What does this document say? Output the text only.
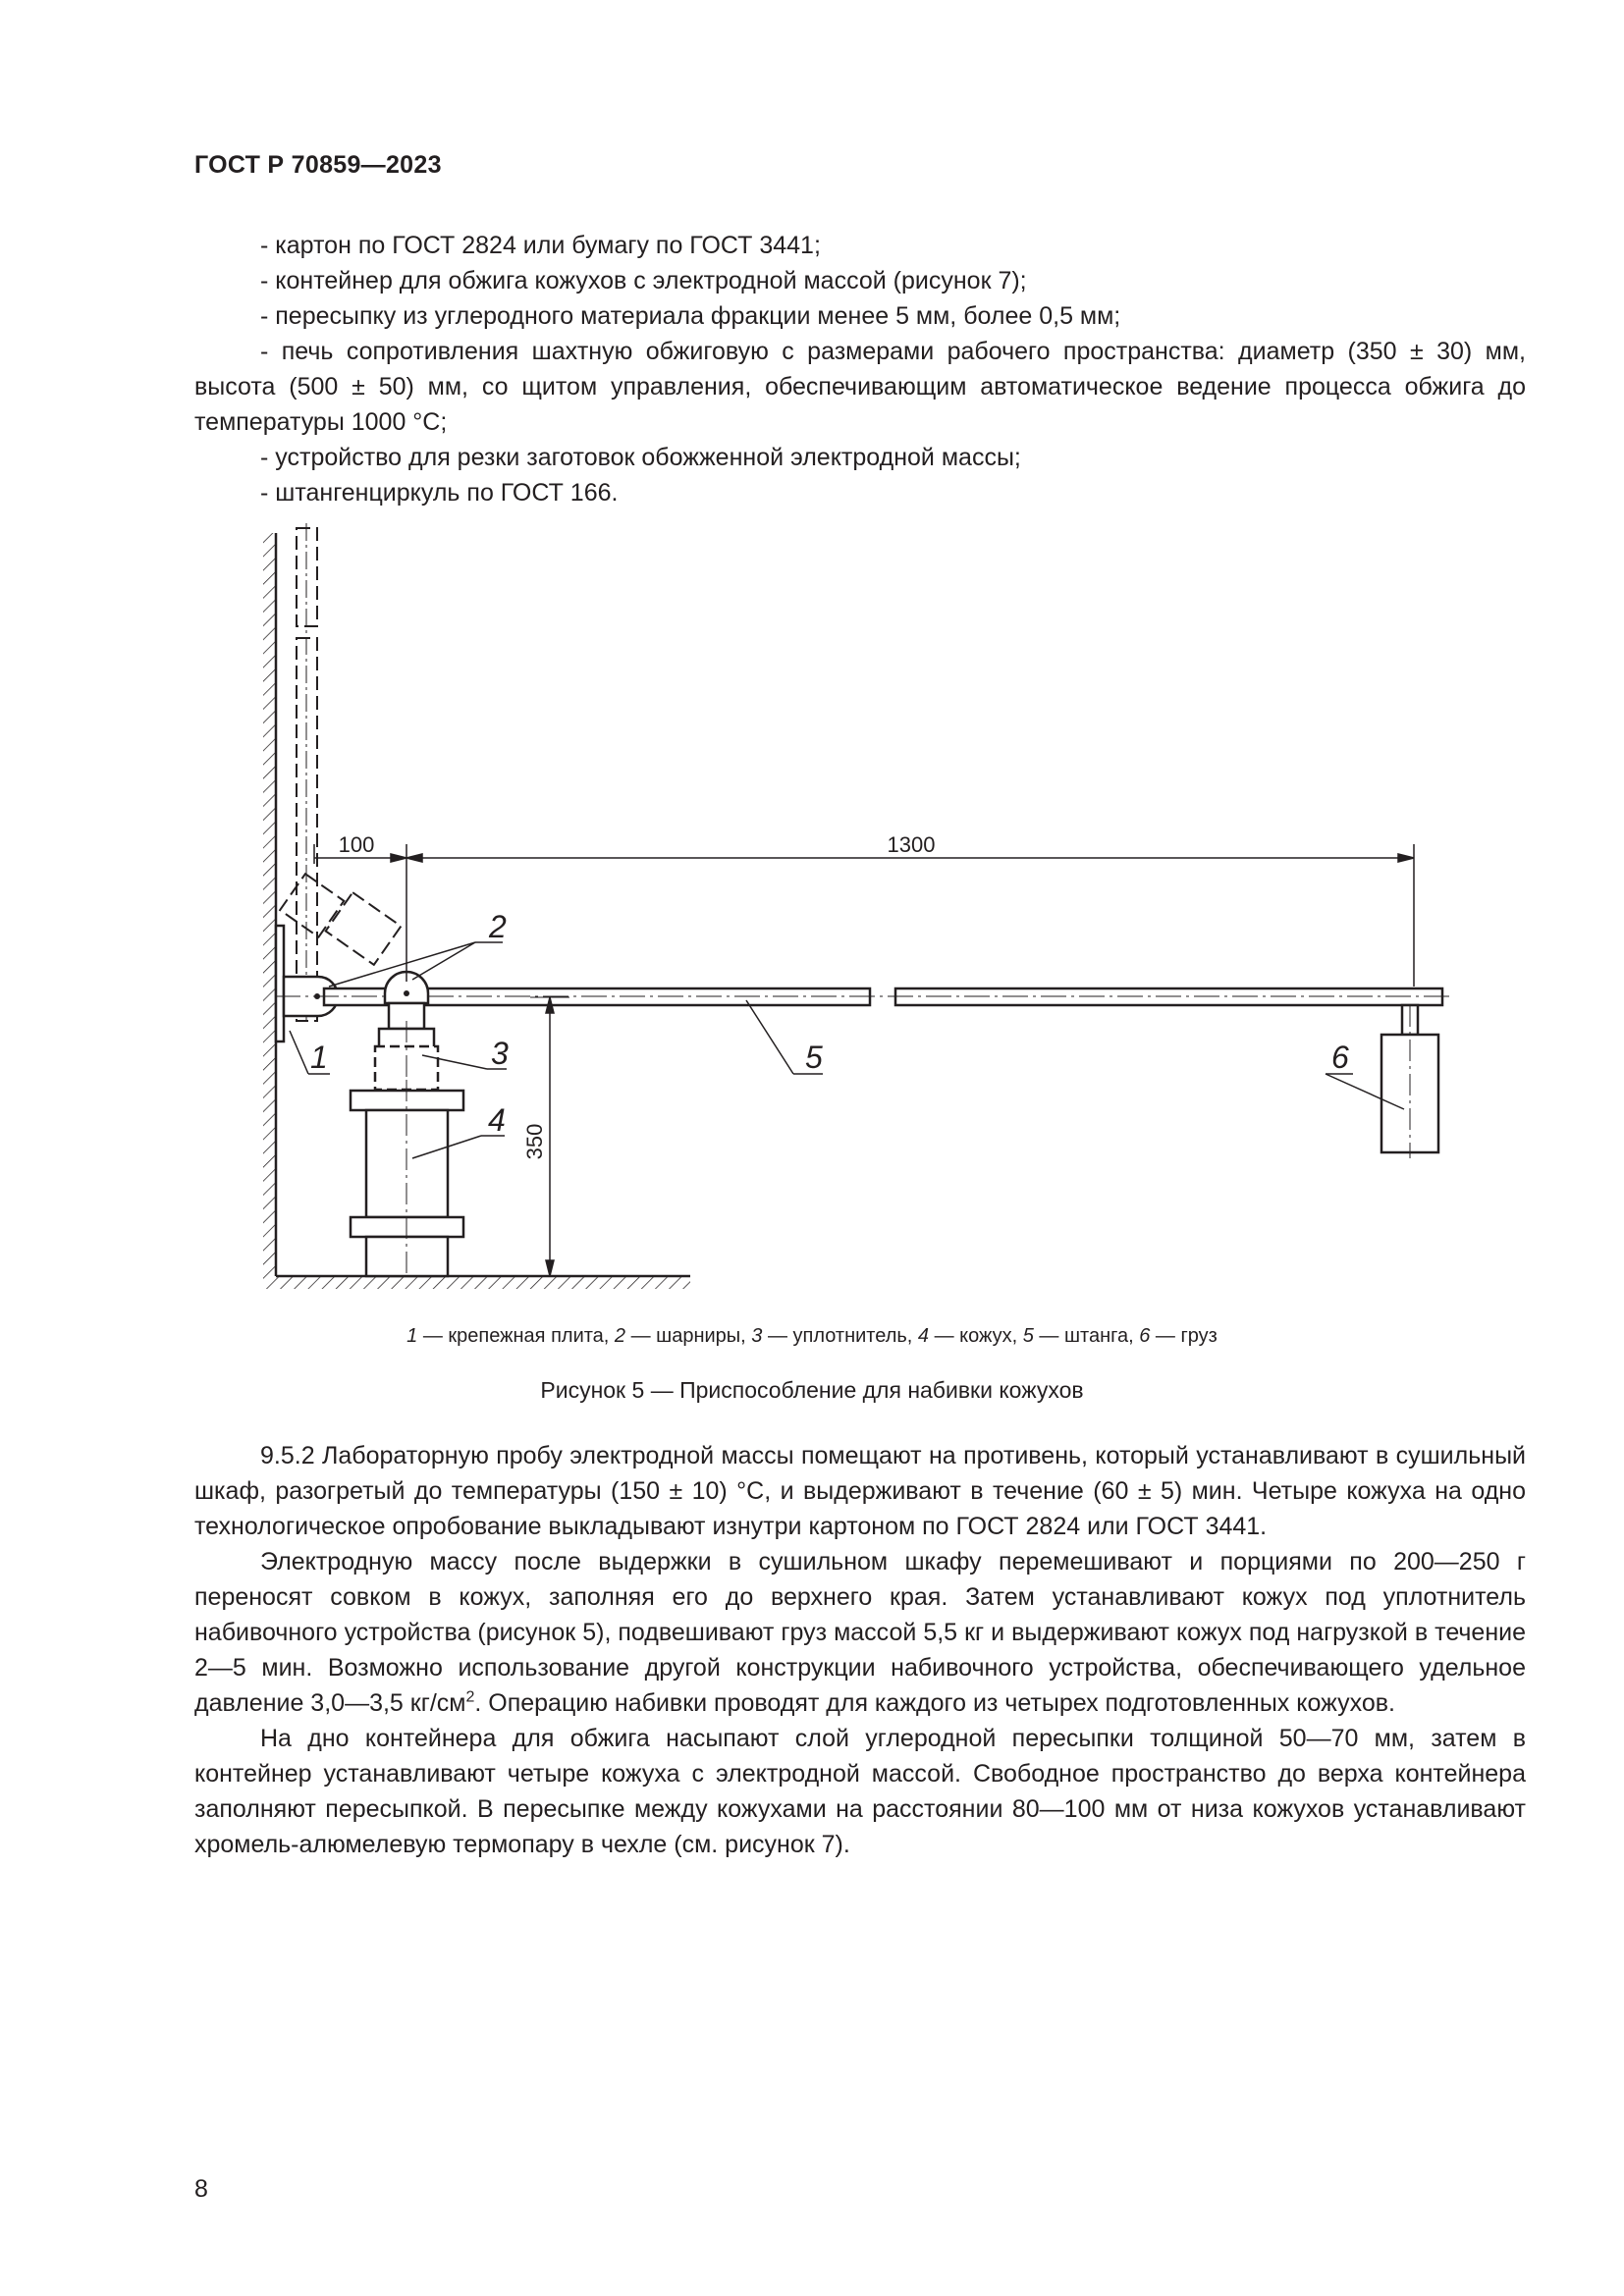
ГОСТ Р 70859—2023

- картон по ГОСТ 2824 или бумагу по ГОСТ 3441;

- контейнер для обжига кожухов с электродной массой (рисунок 7);

- пересыпку из углеродного материала фракции менее 5 мм, более 0,5 мм;

- печь сопротивления шахтную обжиговую с размерами рабочего пространства: диаметр (350 ± 30) мм, высота (500 ± 50) мм, со щитом управления, обеспечивающим автоматическое ведение процесса обжига до температуры 1000 °С;

- устройство для резки заготовок обожженной электродной массы;

- штангенциркуль по ГОСТ 166.

100	1300
350
2
1	3
4
5	6
1 — крепежная плита, 2 — шарниры, 3 — уплотнитель, 4 — кожух, 5 — штанга, 6 — груз
Рисунок 5 — Приспособление для набивки кожухов

9.5.2 Лабораторную пробу электродной массы помещают на противень, который устанавливают в сушильный шкаф, разогретый до температуры (150 ± 10) °С, и выдерживают в течение (60 ± 5) мин. Четыре кожуха на одно технологическое опробование выкладывают изнутри картоном по ГОСТ 2824 или ГОСТ 3441.

Электродную массу после выдержки в сушильном шкафу перемешивают и порциями по 200—250 г переносят совком в кожух, заполняя его до верхнего края. Затем устанавливают кожух под уплотнитель набивочного устройства (рисунок 5), подвешивают груз массой 5,5 кг и выдерживают кожух под нагрузкой в течение 2—5 мин. Возможно использование другой конструкции набивочного устройства, обеспечивающего удельное давление 3,0—3,5 $кг/см^2$. Операцию набивки проводят для каждого из четырех подготовленных кожухов.

На дно контейнера для обжига насыпают слой углеродной пересыпки толщиной 50—70 мм, затем в контейнер устанавливают четыре кожуха с электродной массой. Свободное пространство до верха контейнера заполняют пересыпкой. В пересыпке между кожухами на расстоянии 80—100 мм от низа кожухов устанавливают хромель-алюмелевую термопару в чехле (см. рисунок 7).

8
